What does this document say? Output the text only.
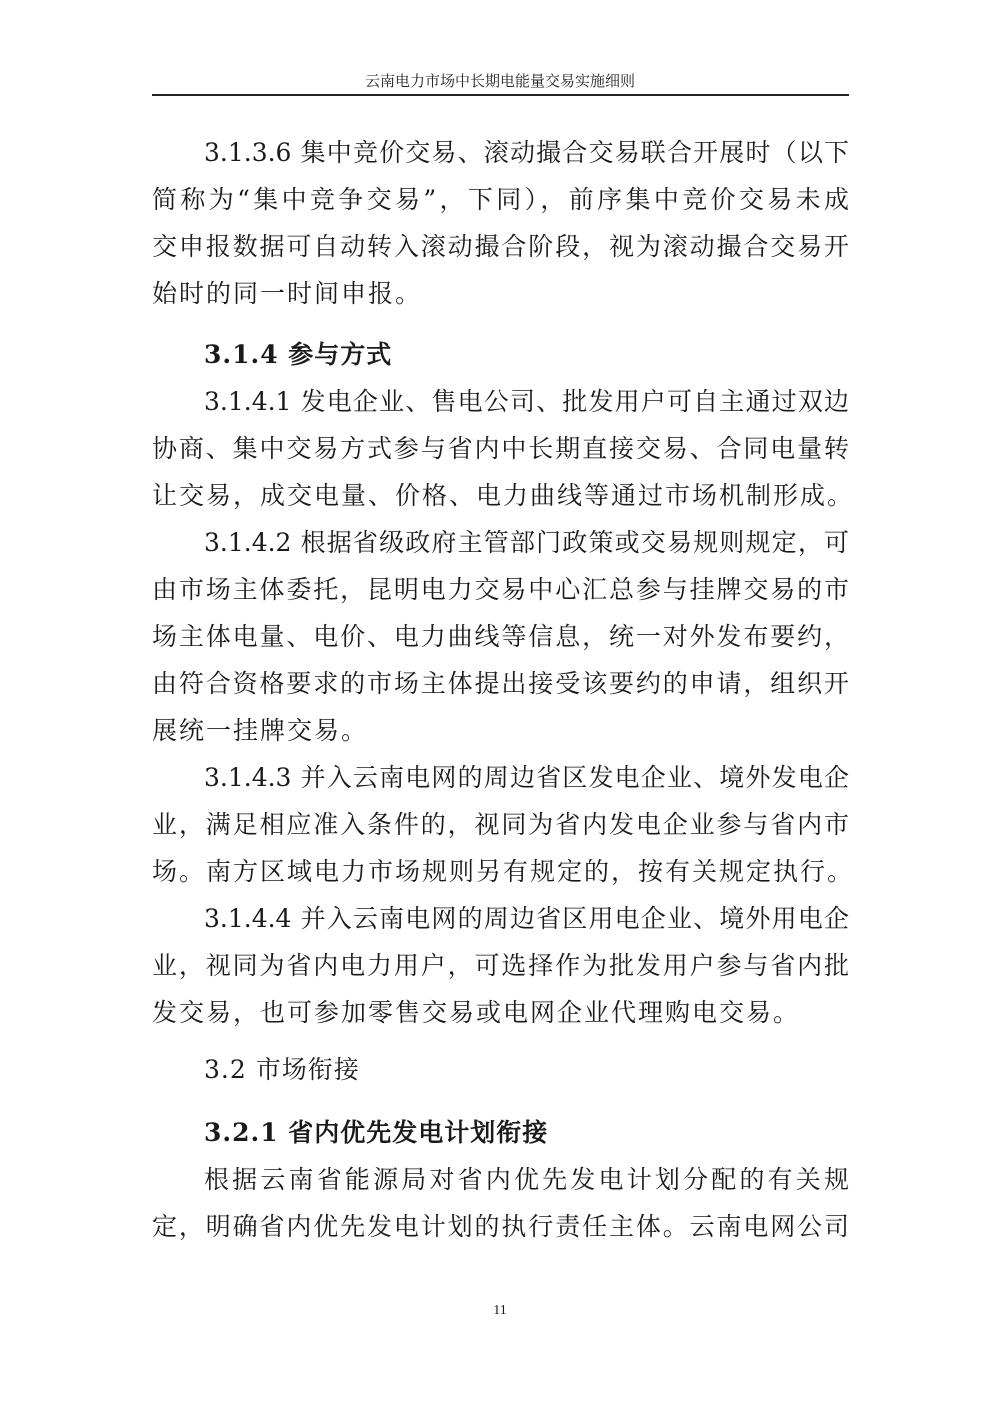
云南电力市场中长期电能量交易实施细则
3.1.3.6 集中竞价交易、滚动撮合交易联合开展时（以下
简称为“集中竞争交易”，下同），前序集中竞价交易未成
交申报数据可自动转入滚动撮合阶段，视为滚动撮合交易开
始时的同一时间申报。
3.1.4 参与方式
3.1.4.1 发电企业、售电公司、批发用户可自主通过双边
协商、集中交易方式参与省内中长期直接交易、合同电量转
让交易，成交电量、价格、电力曲线等通过市场机制形成。
3.1.4.2 根据省级政府主管部门政策或交易规则规定，可
由市场主体委托，昆明电力交易中心汇总参与挂牌交易的市
场主体电量、电价、电力曲线等信息，统一对外发布要约，
由符合资格要求的市场主体提出接受该要约的申请，组织开
展统一挂牌交易。
3.1.4.3 并入云南电网的周边省区发电企业、境外发电企
业，满足相应准入条件的，视同为省内发电企业参与省内市
场。南方区域电力市场规则另有规定的，按有关规定执行。
3.1.4.4 并入云南电网的周边省区用电企业、境外用电企
业，视同为省内电力用户，可选择作为批发用户参与省内批
发交易，也可参加零售交易或电网企业代理购电交易。
3.2 市场衔接
3.2.1 省内优先发电计划衔接
根据云南省能源局对省内优先发电计划分配的有关规
定，明确省内优先发电计划的执行责任主体。云南电网公司
11
